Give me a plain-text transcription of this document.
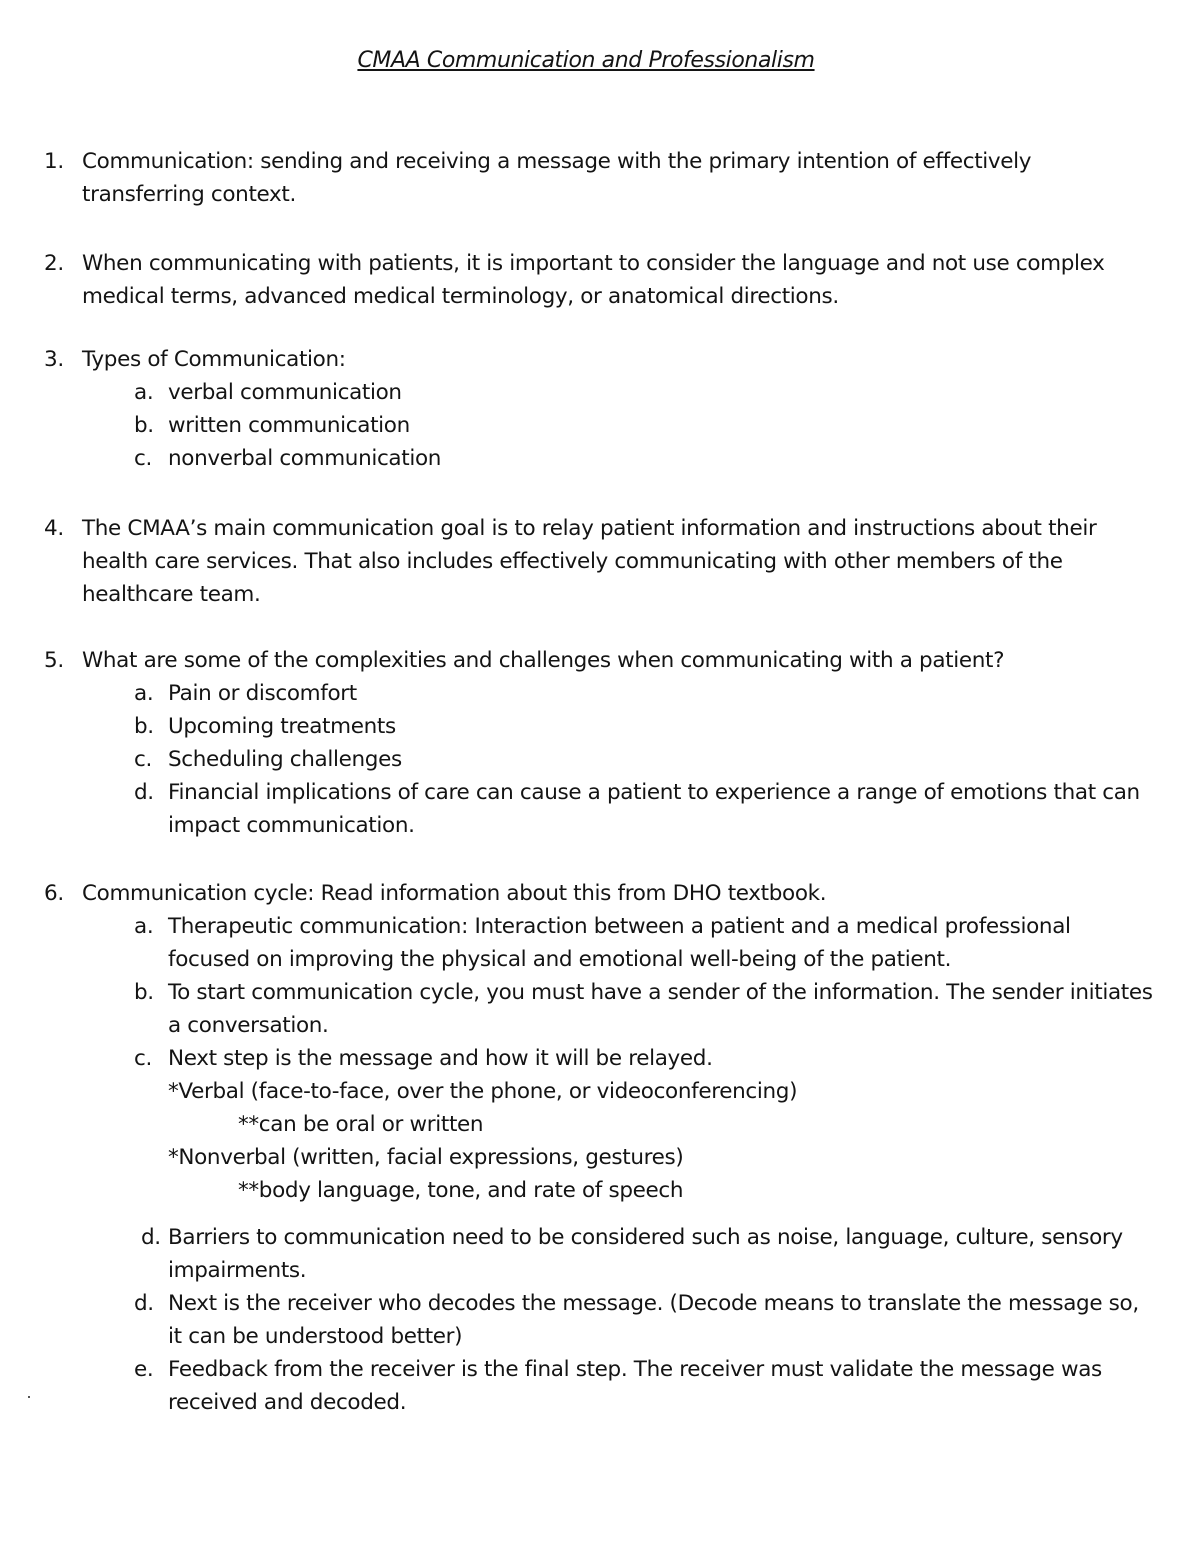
CMAA Communication and Professionalism
1. Communication: sending and receiving a message with the primary intention of effectively transferring context.
2. When communicating with patients, it is important to consider the language and not use complex medical terms, advanced medical terminology, or anatomical directions.
3. Types of Communication:
a. verbal communication
b. written communication
c. nonverbal communication
4. The CMAA’s main communication goal is to relay patient information and instructions about their health care services. That also includes effectively communicating with other members of the healthcare team.
5. What are some of the complexities and challenges when communicating with a patient?
a. Pain or discomfort
b. Upcoming treatments
c. Scheduling challenges
d. Financial implications of care can cause a patient to experience a range of emotions that can impact communication.
6. Communication cycle: Read information about this from DHO textbook.
a. Therapeutic communication: Interaction between a patient and a medical professional focused on improving the physical and emotional well-being of the patient.
b. To start communication cycle, you must have a sender of the information. The sender initiates a conversation.
c. Next step is the message and how it will be relayed.
*Verbal (face-to-face, over the phone, or videoconferencing)
**can be oral or written
*Nonverbal (written, facial expressions, gestures)
**body language, tone, and rate of speech
d. Barriers to communication need to be considered such as noise, language, culture, sensory impairments.
d. Next is the receiver who decodes the message. (Decode means to translate the message so, it can be understood better)
e. Feedback from the receiver is the final step. The receiver must validate the message was received and decoded.
